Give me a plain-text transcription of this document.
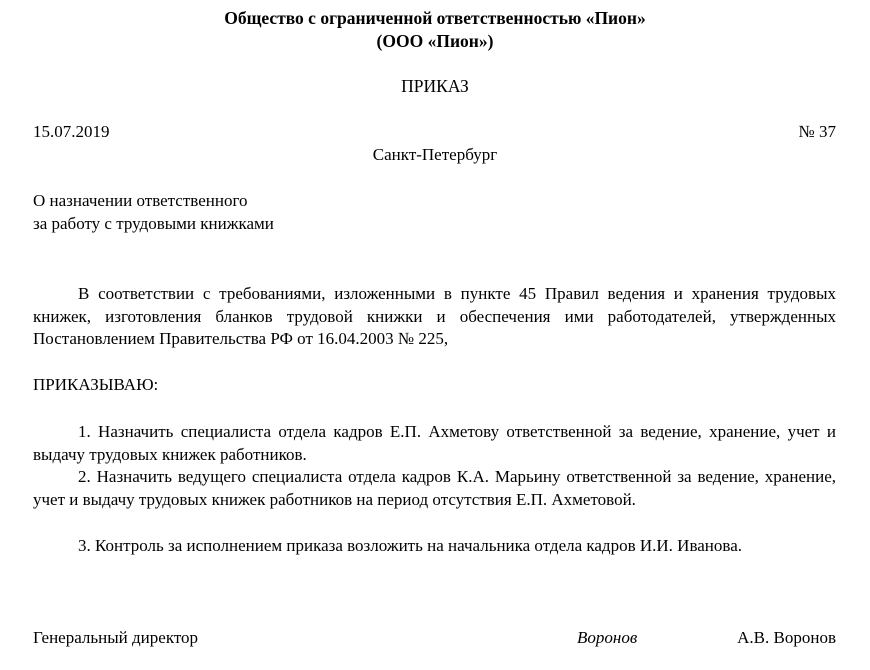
Общество с ограниченной ответственностью «Пион»
(ООО «Пион»)
ПРИКАЗ
15.07.2019	№ 37
Санкт-Петербург
О назначении ответственного
за работу с трудовыми книжками
В соответствии с требованиями, изложенными в пункте 45 Правил ведения и хранения трудовых книжек, изготовления бланков трудовой книжки и обеспечения ими работодателей, утвержденных Постановлением Правительства РФ от 16.04.2003 № 225,
ПРИКАЗЫВАЮ:
1. Назначить специалиста отдела кадров Е.П. Ахметову ответственной за ведение, хранение, учет и выдачу трудовых книжек работников.
2. Назначить ведущего специалиста отдела кадров К.А. Марьину ответственной за ведение, хранение, учет и выдачу трудовых книжек работников на период отсутствия Е.П. Ахметовой.
3. Контроль за исполнением приказа возложить на начальника отдела кадров И.И. Иванова.
Генеральный директор	Воронов	А.В. Воронов
